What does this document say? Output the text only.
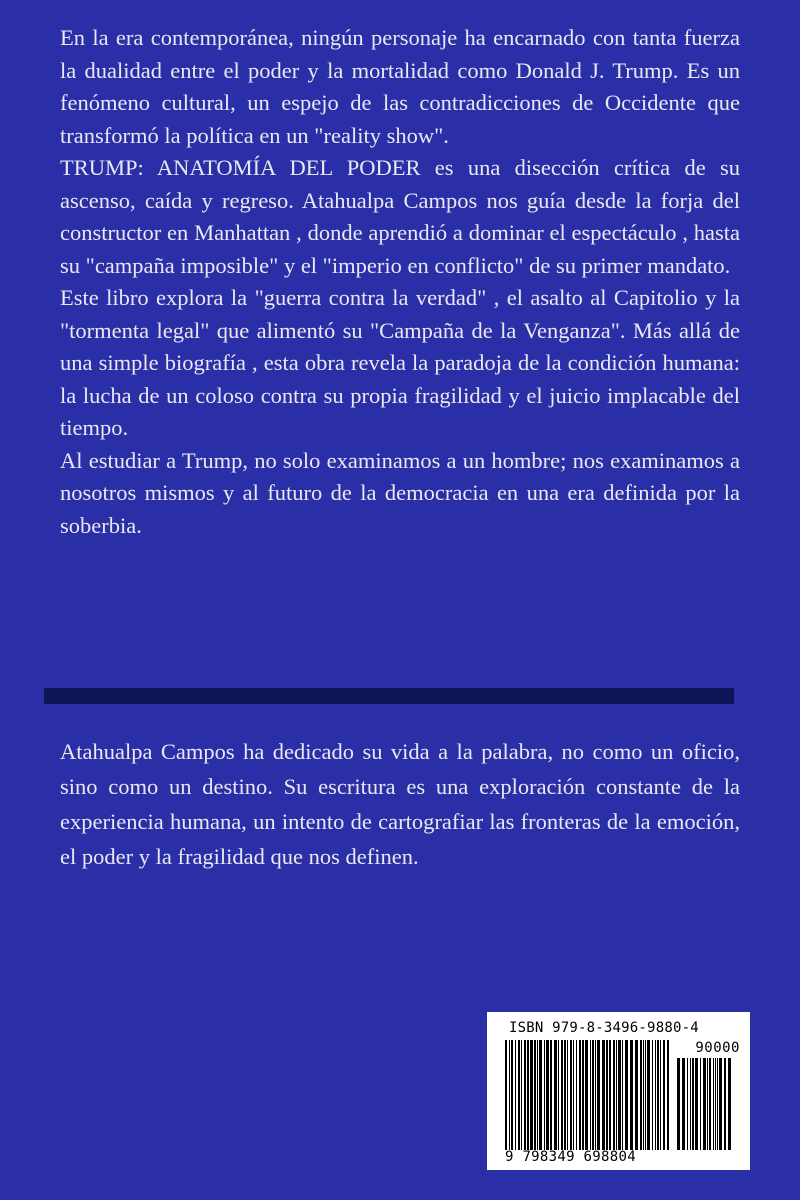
En la era contemporánea, ningún personaje ha encarnado con tanta fuerza la dualidad entre el poder y la mortalidad como Donald J. Trump. Es un fenómeno cultural, un espejo de las contradicciones de Occidente que transformó la política en un "reality show".

TRUMP: ANATOMÍA DEL PODER es una disección crítica de su ascenso, caída y regreso. Atahualpa Campos nos guía desde la forja del constructor en Manhattan , donde aprendió a dominar el espectáculo , hasta su "campaña imposible" y el "imperio en conflicto" de su primer mandato.

Este libro explora la "guerra contra la verdad" , el asalto al Capitolio y la "tormenta legal" que alimentó su "Campaña de la Venganza". Más allá de una simple biografía , esta obra revela la paradoja de la condición humana: la lucha de un coloso contra su propia fragilidad y el juicio implacable del tiempo.

Al estudiar a Trump, no solo examinamos a un hombre; nos examinamos a nosotros mismos y al futuro de la democracia en una era definida por la soberbia.

Atahualpa Campos ha dedicado su vida a la palabra, no como un oficio, sino como un destino. Su escritura es una exploración constante de la experiencia humana, un intento de cartografiar las fronteras de la emoción, el poder y la fragilidad que nos definen.
ISBN 979-8-3496-9880-4
90000
9 798349 698804
